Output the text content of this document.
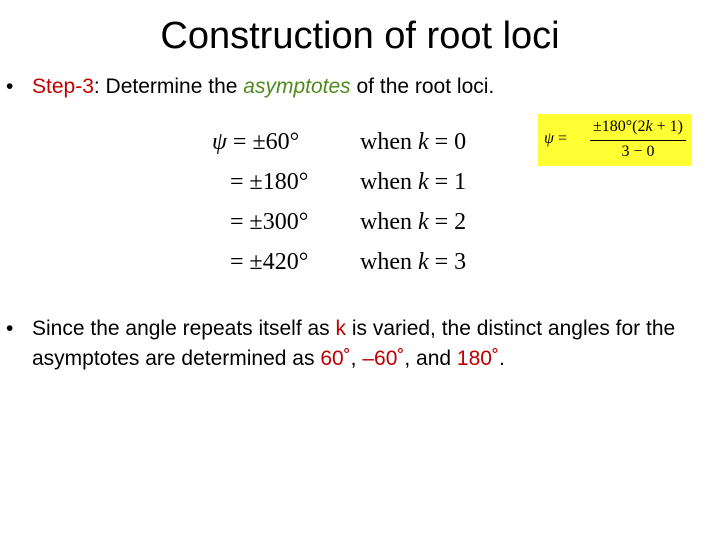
Construction of root loci
• Step-3: Determine the asymptotes of the root loci.
ψ = ±60°	when k = 0
= ±180° when k = 1
= ±300° when k = 2
= ±420° when k = 3
ψ =
±180°(2k + 1)
3 − 0
• Since the angle repeats itself as k is varied, the distinct angles for the asymptotes are determined as 60˚, –60˚, and 180˚.
